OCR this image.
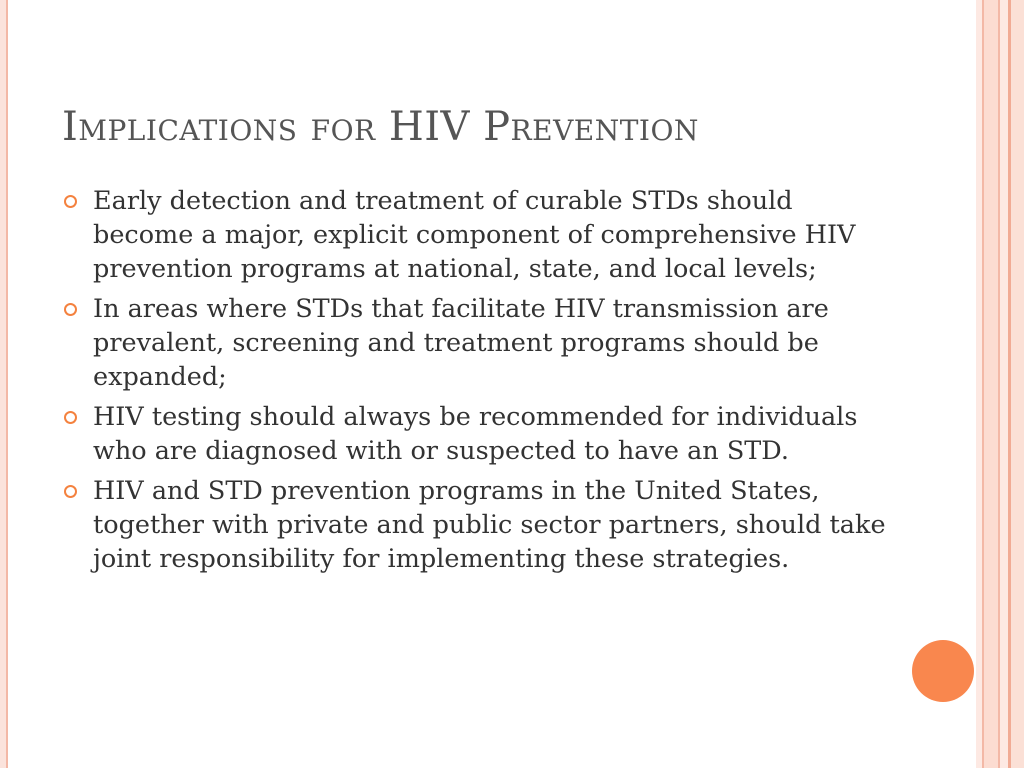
Implications for HIV Prevention
Early detection and treatment of curable STDs should become a major, explicit component of comprehensive HIV prevention programs at national, state, and local levels;
In areas where STDs that facilitate HIV transmission are prevalent, screening and treatment programs should be expanded;
HIV testing should always be recommended for individuals who are diagnosed with or suspected to have an STD.
HIV and STD prevention programs in the United States, together with private and public sector partners, should take joint responsibility for implementing these strategies.
